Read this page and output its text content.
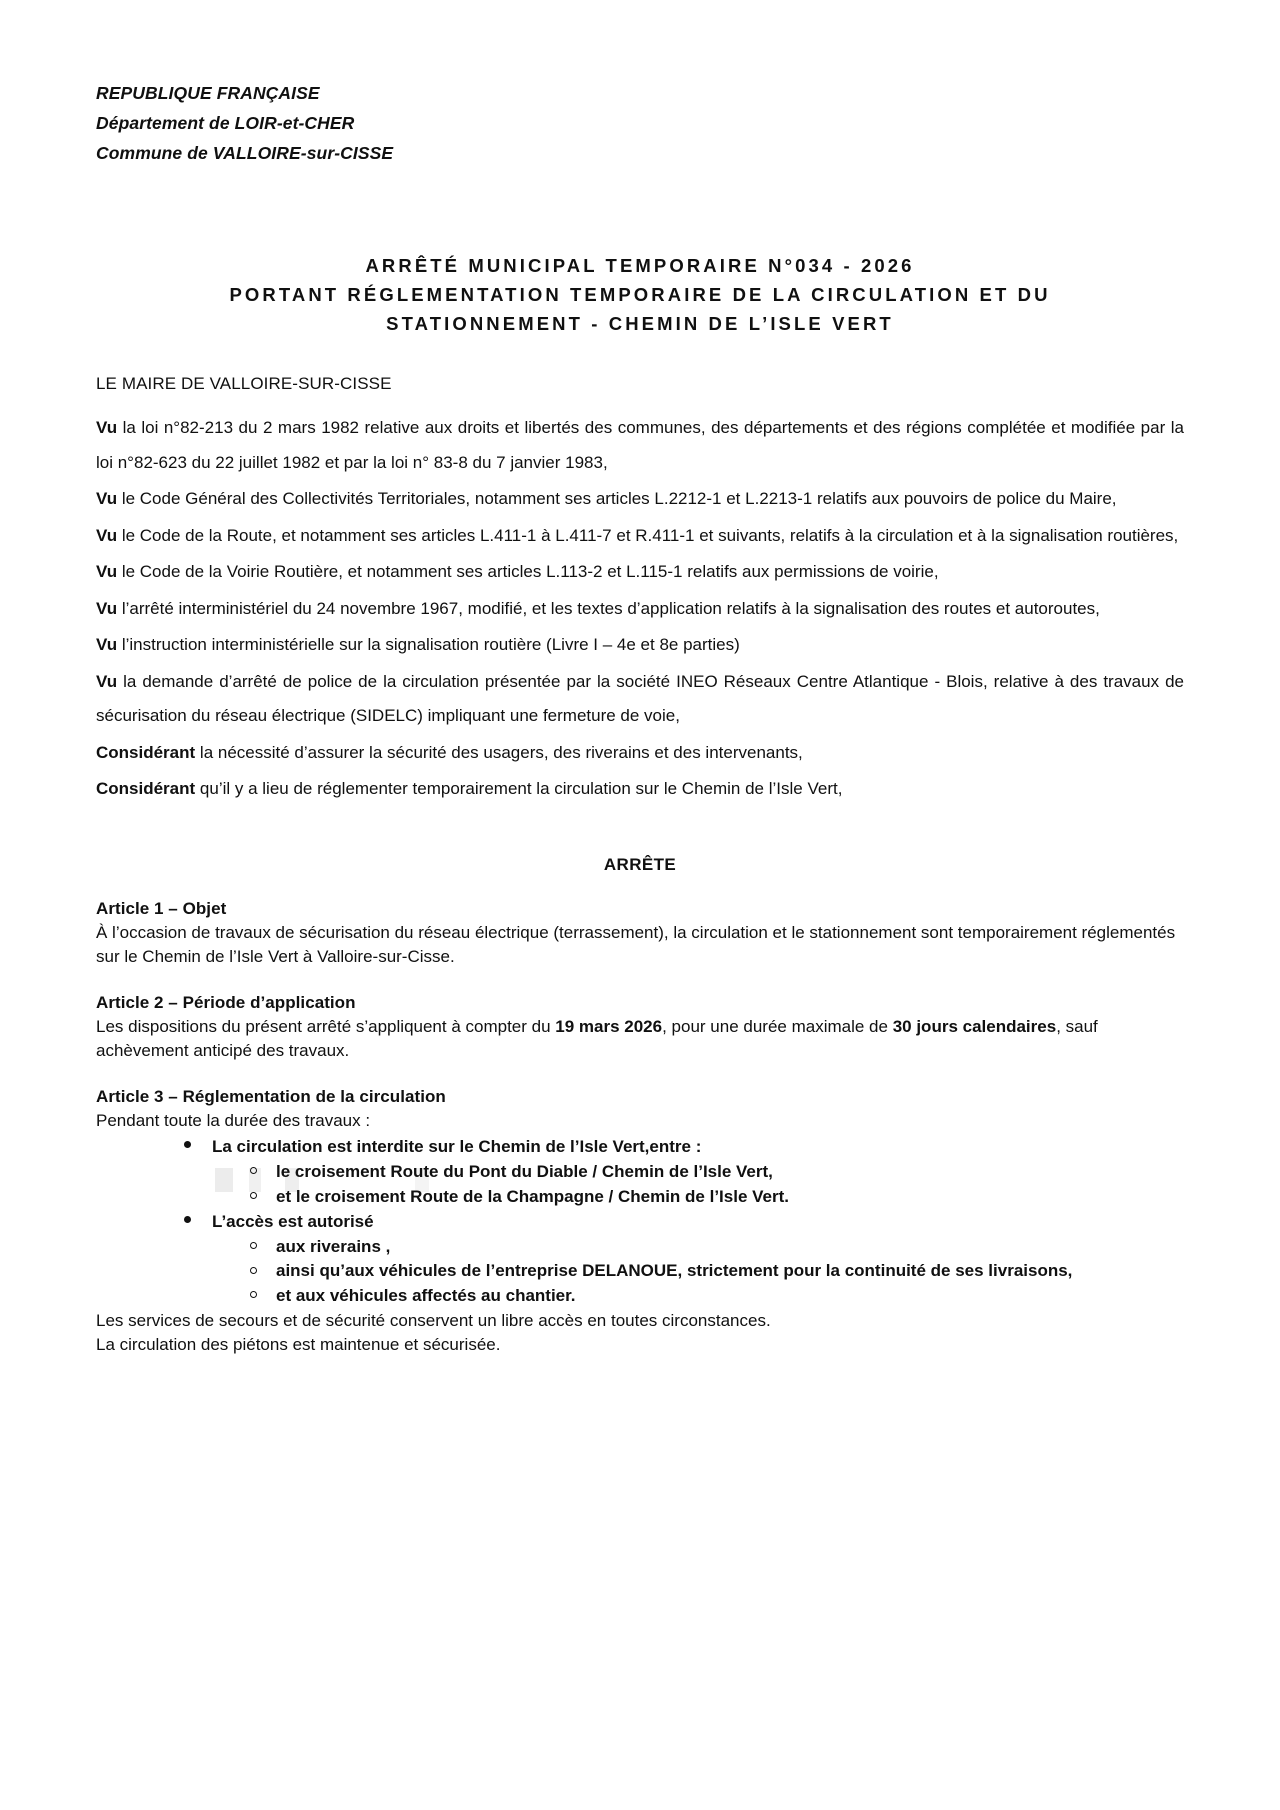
REPUBLIQUE FRANÇAISE
Département de LOIR-et-CHER
Commune de VALLOIRE-sur-CISSE
ARRÊTÉ MUNICIPAL TEMPORAIRE N°034 - 2026
PORTANT RÉGLEMENTATION TEMPORAIRE DE LA CIRCULATION ET DU
STATIONNEMENT - CHEMIN DE L’ISLE VERT
LE MAIRE DE VALLOIRE-SUR-CISSE

Vu la loi n°82-213 du 2 mars 1982 relative aux droits et libertés des communes, des départements et des régions complétée et modifiée par la loi n°82-623 du 22 juillet 1982 et par la loi n° 83-8 du 7 janvier 1983,

Vu le Code Général des Collectivités Territoriales, notamment ses articles L.2212-1 et L.2213-1 relatifs aux pouvoirs de police du Maire,

Vu le Code de la Route, et notamment ses articles L.411-1 à L.411-7 et R.411-1 et suivants, relatifs à la circulation et à la signalisation routières,

Vu le Code de la Voirie Routière, et notamment ses articles L.113-2 et L.115-1 relatifs aux permissions de voirie,

Vu l’arrêté interministériel du 24 novembre 1967, modifié, et les textes d’application relatifs à la signalisation des routes et autoroutes,

Vu l’instruction interministérielle sur la signalisation routière (Livre I – 4e et 8e parties)

Vu la demande d’arrêté de police de la circulation présentée par la société INEO Réseaux Centre Atlantique - Blois, relative à des travaux de sécurisation du réseau électrique (SIDELC) impliquant une fermeture de voie,

Considérant la nécessité d’assurer la sécurité des usagers, des riverains et des intervenants,

Considérant qu’il y a lieu de réglementer temporairement la circulation sur le Chemin de l’Isle Vert,

ARRÊTE
Article 1 – Objet

À l’occasion de travaux de sécurisation du réseau électrique (terrassement), la circulation et le stationnement sont temporairement réglementés sur le Chemin de l’Isle Vert à Valloire-sur-Cisse.

Article 2 – Période d’application

Les dispositions du présent arrêté s’appliquent à compter du 19 mars 2026, pour une durée maximale de 30 jours calendaires, sauf achèvement anticipé des travaux.

Article 3 – Réglementation de la circulation

Pendant toute la durée des travaux :

La circulation est interdite sur le Chemin de l’Isle Vert,entre :
le croisement Route du Pont du Diable / Chemin de l’Isle Vert,
et le croisement Route de la Champagne / Chemin de l’Isle Vert.
L’accès est autorisé
aux riverains ,
ainsi qu’aux véhicules de l’entreprise DELANOUE, strictement pour la continuité de ses livraisons,
et aux véhicules affectés au chantier.

Les services de secours et de sécurité conservent un libre accès en toutes circonstances.

La circulation des piétons est maintenue et sécurisée.
